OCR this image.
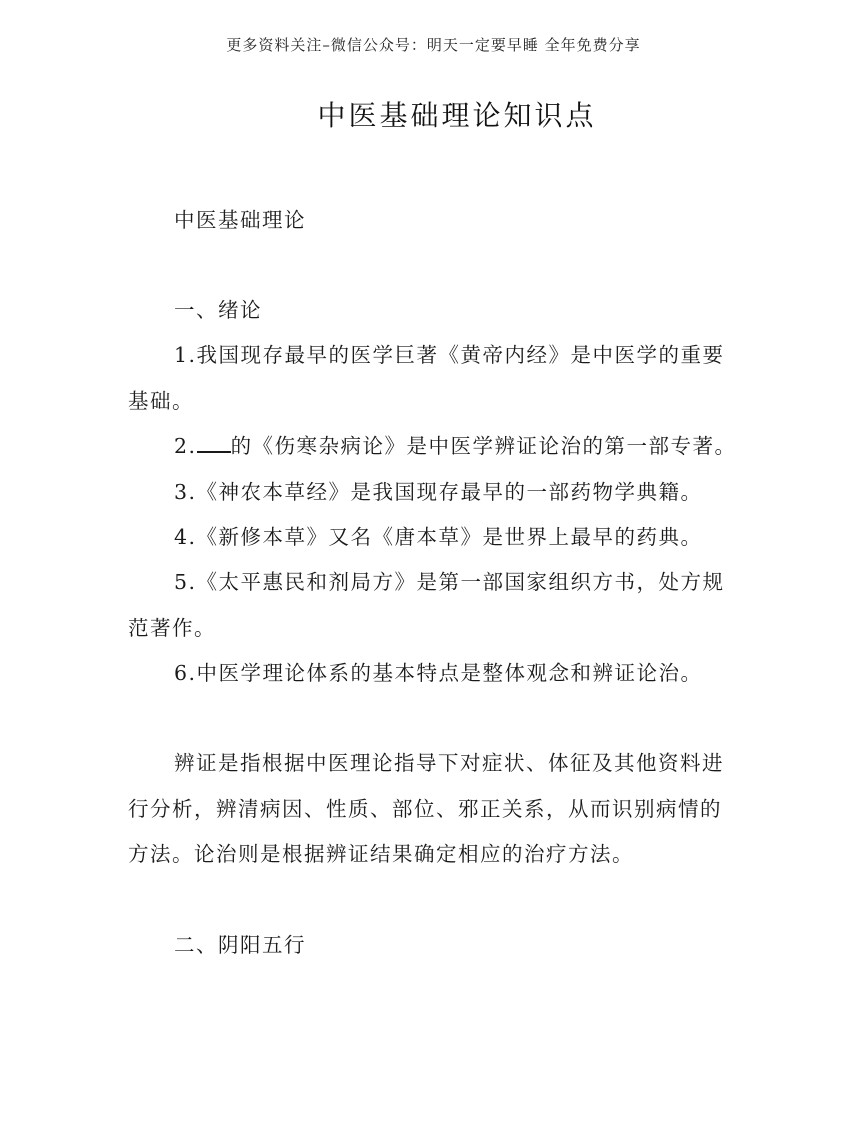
更多资料关注–微信公众号：明天一定要早睡 全年免费分享
中医基础理论知识点

中医基础理论

一、绪论

1.我国现存最早的医学巨著《黄帝内经》是中医学的重要

基础。

2. 的《伤寒杂病论》是中医学辨证论治的第一部专著。

3.《神农本草经》是我国现存最早的一部药物学典籍。

4.《新修本草》又名《唐本草》是世界上最早的药典。

5.《太平惠民和剂局方》是第一部国家组织方书，处方规

范著作。

6.中医学理论体系的基本特点是整体观念和辨证论治。

辨证是指根据中医理论指导下对症状、体征及其他资料进

行分析，辨清病因、性质、部位、邪正关系，从而识别病情的

方法。论治则是根据辨证结果确定相应的治疗方法。

二、阴阳五行
